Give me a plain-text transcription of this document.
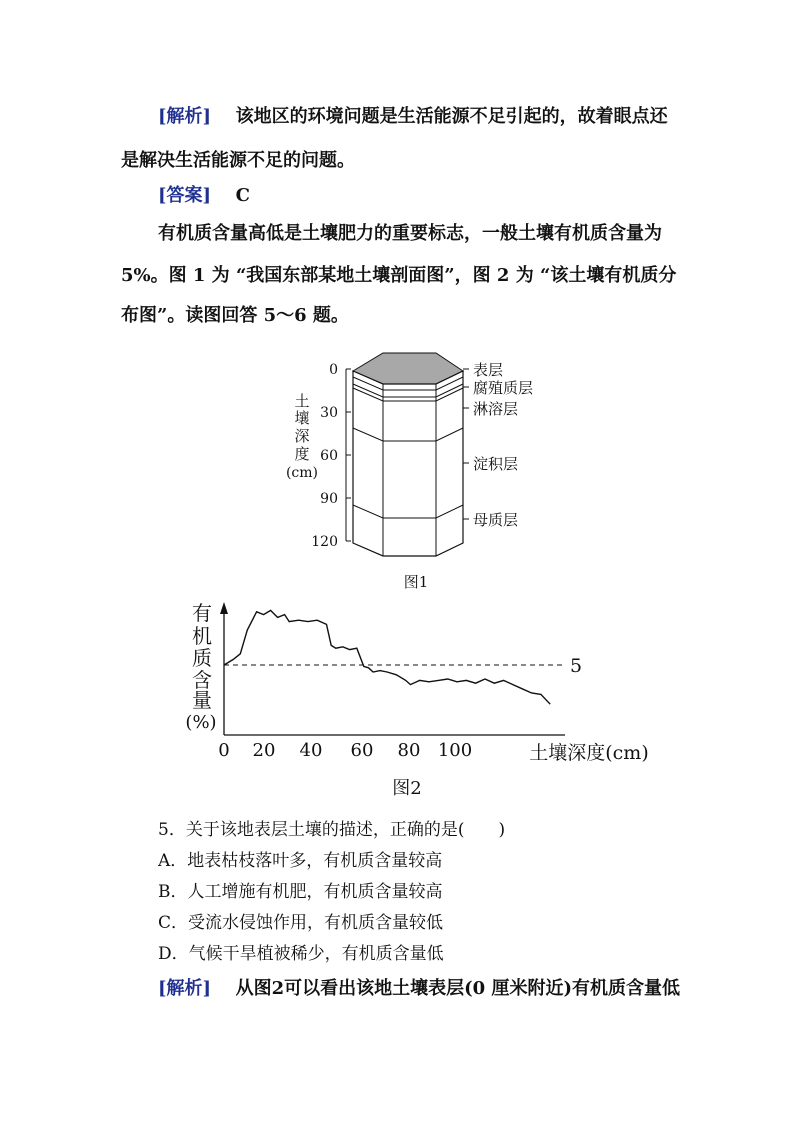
[解析] 该地区的环境问题是生活能源不足引起的，故着眼点还
是解决生活能源不足的问题。
[答案] C
有机质含量高低是土壤肥力的重要标志，一般土壤有机质含量为
5%。图 1 为 “我国东部某地土壤剖面图”，图 2 为 “该土壤有机质分
布图”。读图回答 5～6 题。
0
30
60
90
120
土
壤
深
度
(cm)
表层
腐殖质层
淋溶层
淀积层
母质层
图1
有
机
质
含
量
(%)
0 20 40 60 80 100	土壤深度(cm)
5
图2
5．关于该地表层土壤的描述，正确的是(　　)
A．地表枯枝落叶多，有机质含量较高
B．人工增施有机肥，有机质含量较高
C．受流水侵蚀作用，有机质含量较低
D．气候干旱植被稀少，有机质含量低
[解析] 从图2可以看出该地土壤表层(0 厘米附近)有机质含量低
